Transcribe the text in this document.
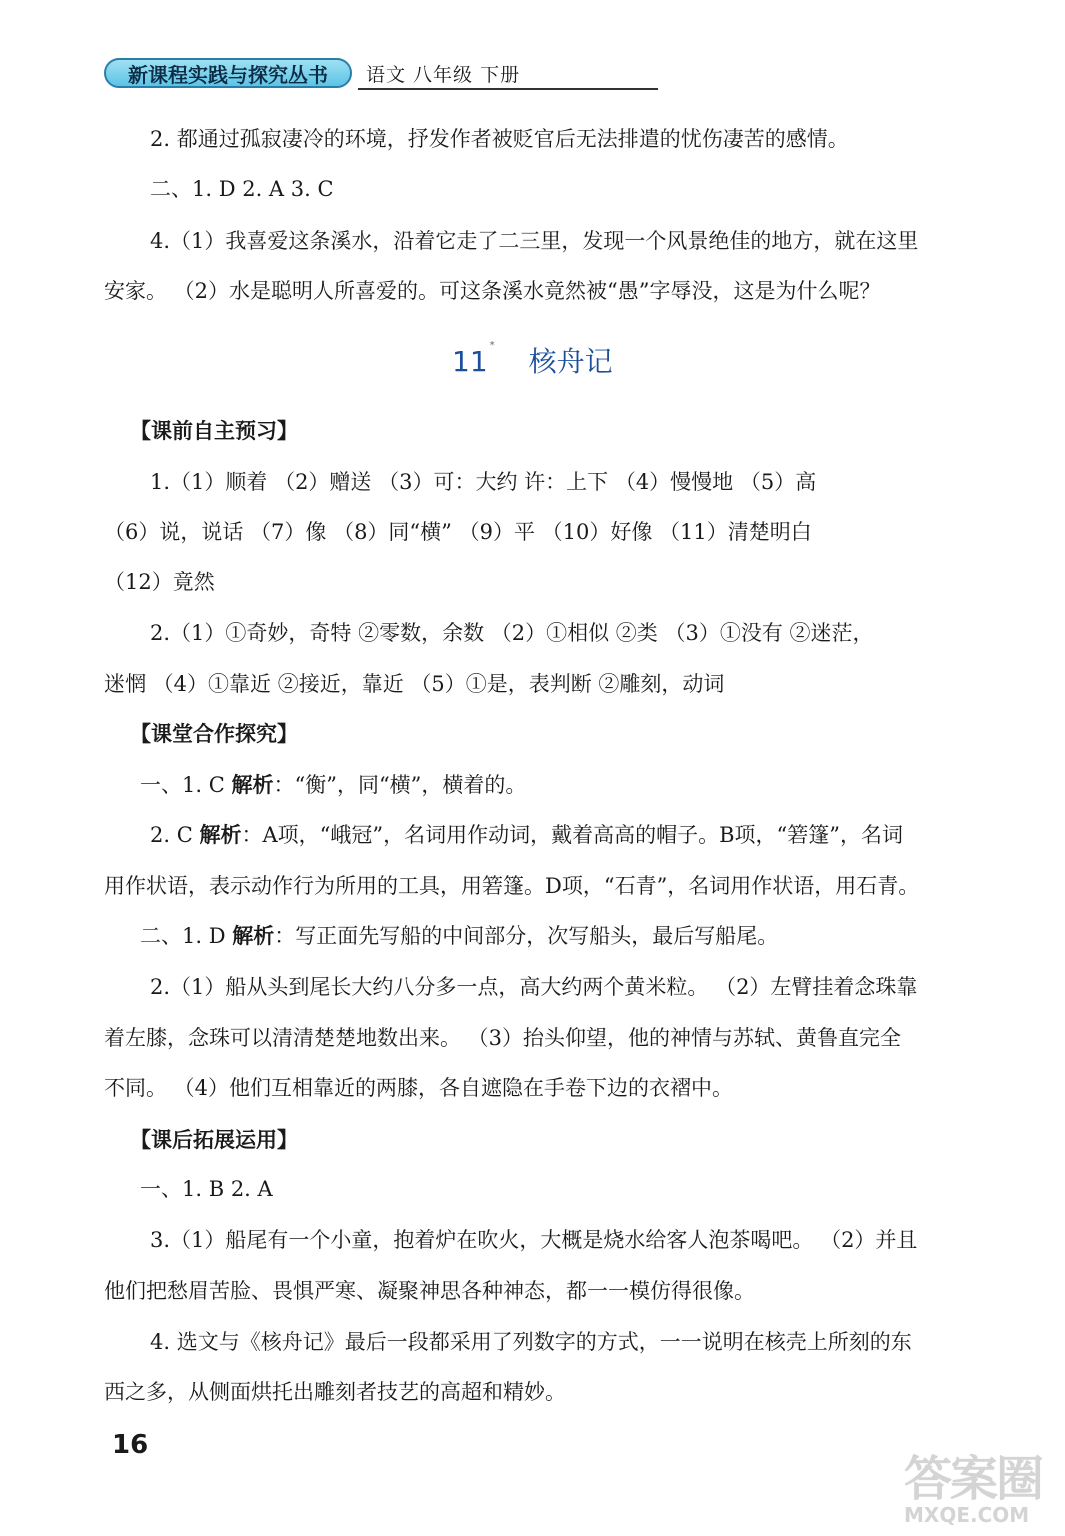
新课程实践与探究丛书	语文 八年级 下册
2. 都通过孤寂凄冷的环境，抒发作者被贬官后无法排遣的忧伤凄苦的感情。
二、1. D 2. A 3. C
4.（1）我喜爱这条溪水，沿着它走了二三里，发现一个风景绝佳的地方，就在这里
安家。 （2）水是聪明人所喜爱的。可这条溪水竟然被“愚”字辱没，这是为什么呢？
11 * 核舟记
【课前自主预习】
1.（1）顺着 （2）赠送 （3）可：大约 许：上下 （4）慢慢地 （5）高
（6）说，说话 （7）像 （8）同“横” （9）平 （10）好像 （11）清楚明白
（12）竟然
2.（1）①奇妙，奇特 ②零数，余数 （2）①相似 ②类 （3）①没有 ②迷茫，
迷惘 （4）①靠近 ②接近，靠近 （5）①是，表判断 ②雕刻，动词
【课堂合作探究】
一、1. C 解析：“衡”，同“横”，横着的。
2. C 解析：A项，“峨冠”，名词用作动词，戴着高高的帽子。B项，“箬篷”，名词
用作状语，表示动作行为所用的工具，用箬篷。D项，“石青”，名词用作状语，用石青。
二、1. D 解析：写正面先写船的中间部分，次写船头，最后写船尾。
2.（1）船从头到尾长大约八分多一点，高大约两个黄米粒。 （2）左臂挂着念珠靠
着左膝，念珠可以清清楚楚地数出来。 （3）抬头仰望，他的神情与苏轼、黄鲁直完全
不同。 （4）他们互相靠近的两膝，各自遮隐在手卷下边的衣褶中。
【课后拓展运用】
一、1. B 2. A
3.（1）船尾有一个小童，抱着炉在吹火，大概是烧水给客人泡茶喝吧。 （2）并且
他们把愁眉苦脸、畏惧严寒、凝聚神思各种神态，都一一模仿得很像。
4. 选文与《核舟记》最后一段都采用了列数字的方式，一一说明在核壳上所刻的东
西之多，从侧面烘托出雕刻者技艺的高超和精妙。
16
答案圈
MXQE.COM
